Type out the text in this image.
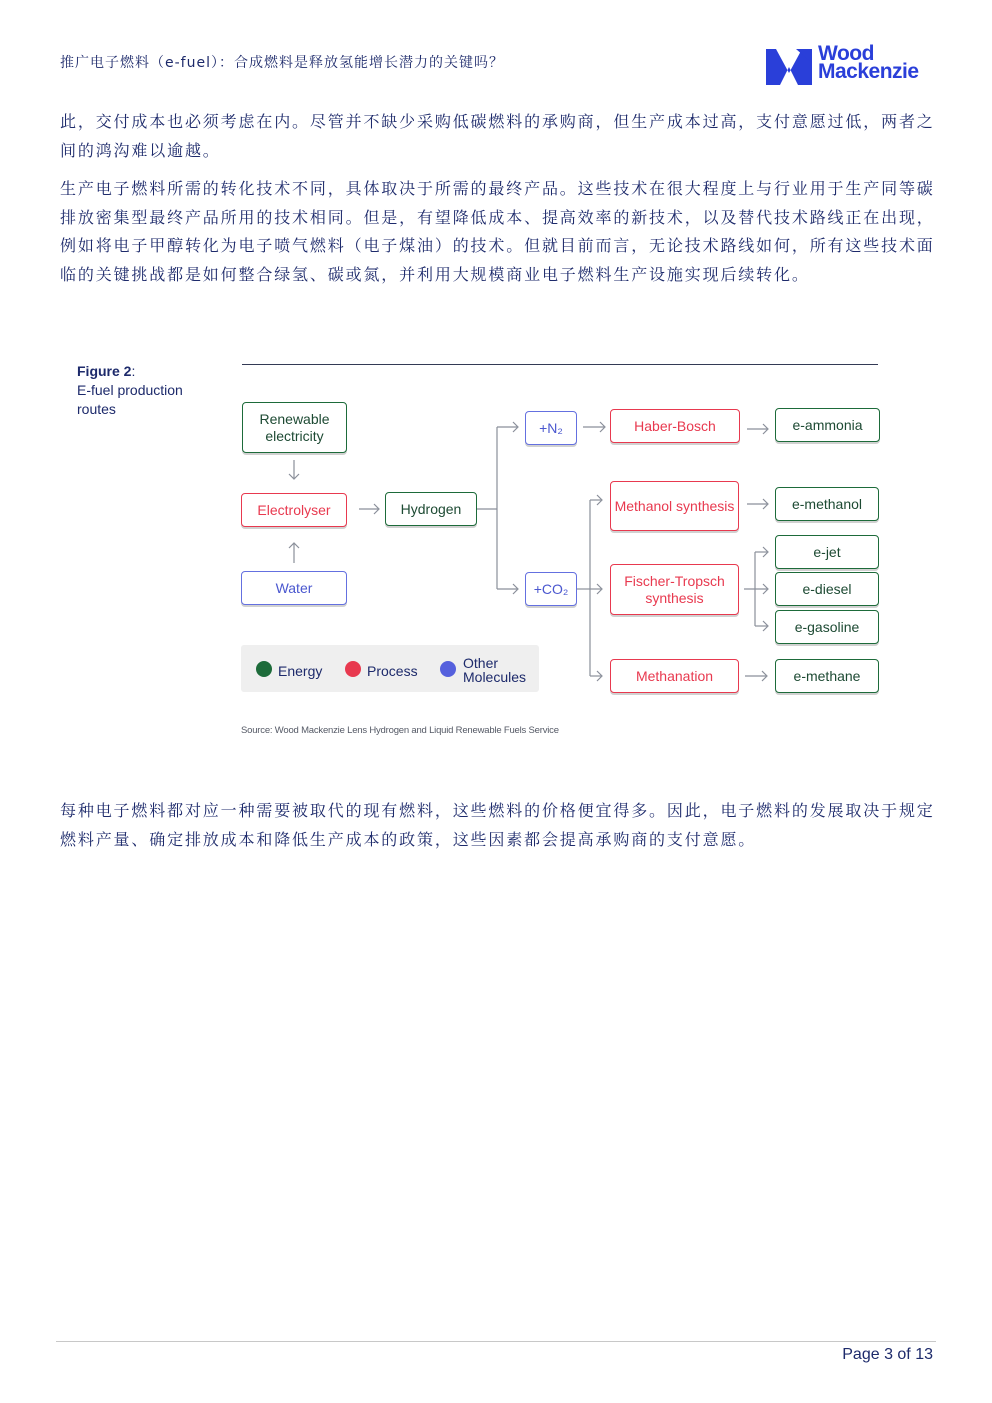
推广电子燃料（e-fuel）：合成燃料是释放氢能增长潜力的关键吗？	Wood
Mackenzie

此，交付成本也必须考虑在内。尽管并不缺少采购低碳燃料的承购商，但生产成本过高，支付意愿过低，两者之间的鸿沟难以逾越。

生产电子燃料所需的转化技术不同，具体取决于所需的最终产品。这些技术在很大程度上与行业用于生产同等碳排放密集型最终产品所用的技术相同。但是，有望降低成本、提高效率的新技术，以及替代技术路线正在出现，例如将电子甲醇转化为电子喷气燃料（电子煤油）的技术。但就目前而言，无论技术路线如何，所有这些技术面临的关键挑战都是如何整合绿氢、碳或氮，并利用大规模商业电子燃料生产设施实现后续转化。

Figure 2:
E-fuel production routes
Renewable electricity
Electrolyser
Water
Hydrogen
+N₂
+CO₂
Haber-Bosch
Methanol synthesis
Fischer-Tropsch synthesis
Methanation
e-ammonia
e-methanol
e-jet
e-diesel
e-gasoline
e-methane
Energy	Process	Other Molecules
Source: Wood Mackenzie Lens Hydrogen and Liquid Renewable Fuels Service

每种电子燃料都对应一种需要被取代的现有燃料，这些燃料的价格便宜得多。因此，电子燃料的发展取决于规定燃料产量、确定排放成本和降低生产成本的政策，这些因素都会提高承购商的支付意愿。

Page 3 of 13
